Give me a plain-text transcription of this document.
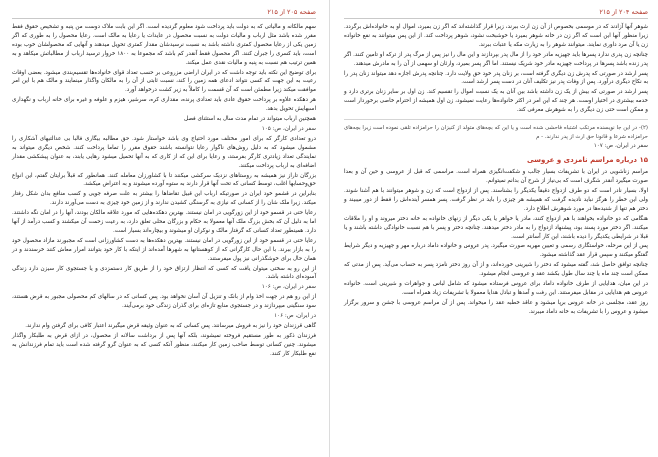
صفحه ۲۰۵ از ۲۱۵

سهم مالکانه و مالیاتی که به دولت باید پرداخت شود معلوم گردیده است. اگر این بابت ملاک دوست من پنبه و تشخیص حقوق فقط مقرر شده باشد مثل ارباب و مالیات دولت به نسبت محصول در عایدات یا رعایا به مالک است. رعایا محصول را به طوری که اگر زمین یکی از رعایا محصول کمتری داشته باشد به نسبت نرسیدشان مقدار کمتری تحویل میدهند و آنهایی که محصولشان خوب بوده است، باید کسری را جبران کنند. اگر محصول فقط آنقدر کم باشد که مجموعا به ۱۸۰۰ خروار ترسید ارباب از مطالباتش میکاهد و به همین ترتیب هم نسبت به پنبه و مالیات نقدی عمل میکند.

برای توضیح این نکته باید توجه داشت که در ایران اراضی مزروعی بر حسب تعداد قوای خانواده‌ها تقسیم‌بندی میشود. بعضی اوقات رعیت به این جهت که کسی نتواند ادعای همه زمین را کند، نسبت ثابتی از آن را به مالکان واگذار مینمایند و مالک هم با این امر موافقت میکند زیرا مطمئن است که آن قسمت را کاملاً به زیر کشت درخواهد آورد.

هر دهکده علاوه بر پرداخت حقوق عادی باید تعدادی پرنده، مقداری کره، سرشیر، هیزم و علوفه و غیره برای خانه ارباب و نگهداری اسبهایش تحویل بدهد.

همچنین ارباب میتواند در تمام مدت سال به استثنای فصل

سفر در ایران، ص: ۱۰۵

درو تعدادی کارگر که برای امور مختلف مورد احتیاج وی باشد خواستار شود. حق مطالبه بیگاری فالبا بی عدالتیهای آشکاری را مشمول میشود که به دلیل روش‌های ناگوار رعایا نتوانسته باشند حقوق مقرر را تماما پرداخت کنند. شخص دیگری میتواند به نمایندگی تعداد زیادتری کارگر بفرستد، و رعایا برای این که از کاری که به آنها تحمیل میشود رهایی یابند، به عنوان پیشکشی مقدار اضافه‌ای به ارباب پرداخت میکنند.

بزرگان تاراز نیز همیشه به روستاهای نزدیک سرکشی میکنند تا با کشاورزان معامله کنند. همانطور که قبلاً برایتان گفتم، این انواع حق‌وحسابها اغلب، توسط کسانی که تحت آنها قرار دارند به ستوه آورده میشوند و به اعتراض میکشد.

بنابراین در قشمو خود ایران در صورتیکه ارباب این قبیل تقاضاها را بیشتر به علت صرفه جویی و کسب منافع بدان شکل رفتار میکند. زیرا ملک شان را از کسانی که نیازی به گرسنگی کشیدن ندارند و از زمین خود چیزی به دست می‌آورند دارند.

رعایا حتی در قسمو خود از این زورگویی در امان نیستند. بهترین دهکده‌هایی که مورد علاقه مالکان بودند، آنها را در امان نگه داشتند. اما به دلیل آن که بخش بزرگ ملک آنها معمولا به حکام و بزرگان محلی تعلق دارد، به رعیت زحمت آن میکشند و کسب درآمد از آنها دارد. همینطور تعداد کسانی که گرفتار مالک و نوکران او میشوند و بیچاره‌اند بسیار است.

رعایا حتی در قسمو خود از این زورگویی در امان نیستند. بهترین دهکده‌ها به دست کشاورزانی است که مجبورند مازاد محصول خود را به بازار ببرند. با این حال کارگرانی که از کوهستانها به شهرها آمده‌اند از اینکه با کار خود بتوانند امرار معاش کنند خرسندند و در همان حال برای خوشگذرانی نیز پول میفرستند.

از این رو به سختی میتوان یافت که کسی که انتظار ارتزاق خود را از طریق کار دستمزدی و یا جستجوی کار سیزن دارد زندگی آسوده‌ای داشته باشد.

سفر در ایران، ص: ۱۰۶

از این رو هم در جهت اخذ وام از بانک و تنزیل آن آسان نخواهد بود. پس کسانی که در سالهای کم محصولی مجبور به قرض هستند، سود سنگینی میپردازند و در جستجوی منابع تازه‌ای برای گذران زندگی خود برمی‌آیند.

در ایران، ص: ۱۰۶

گاهی قرزندان خود را نیز به فروش میرسانند. پس کسانی که به عنوان وثیقه قرض میگیرند اعتبار کافی برای گرفتن وام ندارند.

فرزندان ذکور به طور مستقیم فروخته نمیشوند، بلکه آنها پس از برداشت سالانه از محصول، در ازای قرض به طلبکار واگذار میشوند. چنین کسانی توسط صاحب زمین کار میکنند، منظور آنکه کسی که به عنوان گرو گرفته شده است باید تمام فرزندانش به نفع طلبکار کار کنند.

صفحه ۲۰۴ از ۲۱۵

شوهر آنها آزادند که در موسمی بخصوص از آن زن ارث ببرند، زیرا قرار گذاشته‌اند که اگر زن بمیرد، اموال او به خانواده‌اش برگردد. زیرا منظور آنها این است که اگر زن در خانه شوهر بمیرد یا خوشبخت نشود، شوهر پرداخت کند. از این پس میتوانند به نفع خانواده زن یا آن مرد داوری نمایند. میتوانند شوهر را به زیارت مکه یا عتبات ببرند.

چنانچه زن پدری ندارد پسرها باید جهیزیه مادر خود را از مال پدر بپردازند و این مال را نیز پس از مرگ پدر از ترکه او تامین کنند. اگر پدر زنده باشد پسرها در پرداخت جهیزیه مادر خود شریک نیستند. اما اگر پسر بمیرد، وارثان او سهمی از آن را به مادرش میدهند.

پسر ارشد در صورتی که پدرش زن دیگری گرفته است، بر زنان پدر خود حق ولایت دارد. چنانچه پدرش اجازه دهد میتواند زنان پدر را به نکاح دیگری درآورد. پس از وفات پدر نیز تکلیف آنان در دست پسر ارشد است.

پسر ارشد در صورتی که بیش از یک زن داشته باشد بین آنان به یک نسبت اموال را تقسیم کند. زن اول بر سایر زنان برتری دارد و خدمه بیشتری در اختیار اوست. هر چند که این امر در اکثر خانواده‌ها رعایت نمیشود، زن اول همیشه از احترام خاصی برخوردار است و ممکن است حتی زن دیگری را به شوهرش معرفی کند.

(۲)- در این جا نویسنده مرتکب اشتباه فاحشی شده است و یا این که بچه‌های متولد از کنیزان را حرامزاده تلقی نموده است زیرا بچه‌های حرامزاده شرعا و قانونا حق ارث از پدر ندارند. - م

سفر در ایران، ص: ۱۰۷

۱۵ درباره مراسم نامزدی و عروسی

مراسم زناشویی در ایران با تشریفات بسیار جالب و شکفت‌انگیزی همراه است. مراسمی که قبل از عروسی و حین آن و بعدا صورت میگیرد آنقدر شگرف است که بی‌نیاز از شرح آن بدانم نمیتوانم.

اولا، بسیار نادر است که دو طرف ازدواج دقیقاً یکدیگر را بشناسند. پس از ازدواج است که زن و شوهر میتوانند با هم آشنا شوند. ولی این خطر را هرگز نباید نادیده گرفت که همیشه هر چیزی را باید در نظر گرفت. پسر همسر آینده‌اش را فقط از دور میبیند و دختر هم تنها از شنیده‌ها در مورد شوهرش اطلاع دارد.

هنگامی که دو خانواده بخواهند با هم ازدواج کنند، مادر یا خواهر یا یکی دیگر از زنهای خانواده به خانه دختر میروند و او را ملاقات میکنند. اگر دختر مورد پسند بود، پیشنهاد ازدواج را به مادر دختر میدهند. چنانچه دختر و پسر با هم نسبت خانوادگی داشته باشند و یا قبلا در شرایطی یکدیگر را دیده باشند، این کار آسانتر است.

پس از این مرحله، خواستگاری رسمی و تعیین مهریه صورت میگیرد. پدر عروس و خانواده داماد درباره مهر و جهیزیه و دیگر شرایط گفتگو میکنند و سپس قرار عقد گذاشته میشود.

چنانچه توافق حاصل شد، گفته میشود که دختر را شیرینی خورده‌اند، و از آن روز دختر نامزد پسر به حساب می‌آید. پس از مدتی که ممکن است چند ماه یا چند سال طول بکشد عقد و عروسی انجام میشود.

در این میان، هدایایی از طرف خانواده داماد برای عروس فرستاده میشود که شامل لباس و جواهرات و شیرینی است. خانواده عروس هم هدایایی در مقابل میفرستند. این رفت و آمدها و تبادل هدایا معمولا با تشریفات زیاد همراه است.

روز عقد، مجلسی در خانه عروس برپا میشود و عاقد خطبه عقد را میخواند. پس از آن مراسم عروسی با جشن و سرور برگزار میشود و عروس را با تشریفات به خانه داماد میبرند.
